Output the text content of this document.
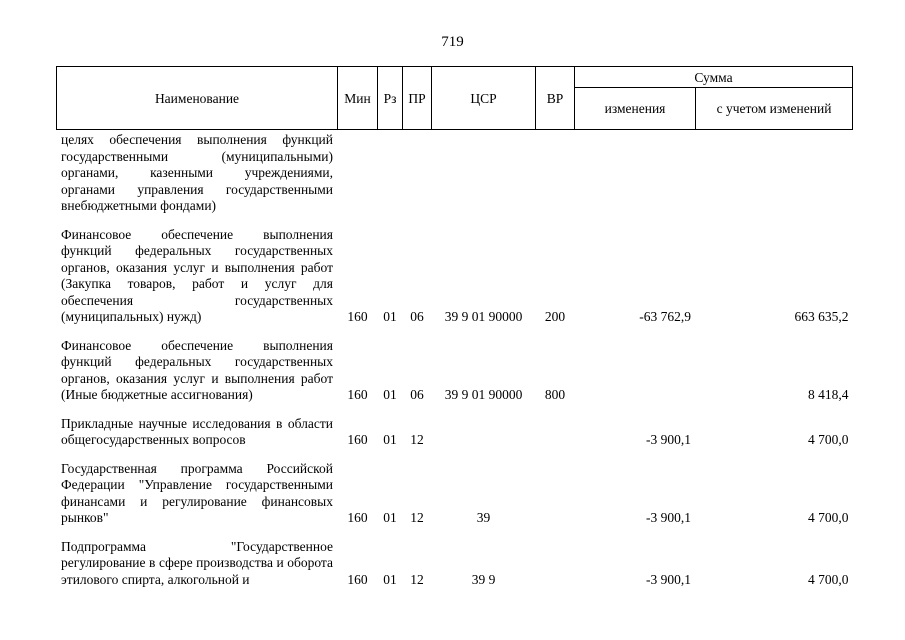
719
Наименование	Мин	Рз	ПР	ЦСР	ВР	Сумма	
						изменения	с учетом изменений
целях обеспечения выполнения функций государственными (муниципальными) органами, казенными учреждениями, органами управления государственными внебюджетными фондами)							

Финансовое обеспечение выполнения функций федеральных государственных органов, оказания услуг и выполнения работ (Закупка товаров, работ и услуг для обеспечения государственных (муниципальных) нужд)	160	01	06	39 9 01 90000	200	-63 762,9	663 635,2

Финансовое обеспечение выполнения функций федеральных государственных органов, оказания услуг и выполнения работ (Иные бюджетные ассигнования)	160	01	06	39 9 01 90000	800		8 418,4

Прикладные научные исследования в области общегосударственных вопросов	160	01	12			-3 900,1	4 700,0

Государственная программа Российской Федерации "Управление государственными финансами и регулирование финансовых рынков"	160	01	12	39		-3 900,1	4 700,0

Подпрограмма "Государственное регулирование в сфере производства и оборота этилового спирта, алкогольной и	160	01	12	39 9		-3 900,1	4 700,0
